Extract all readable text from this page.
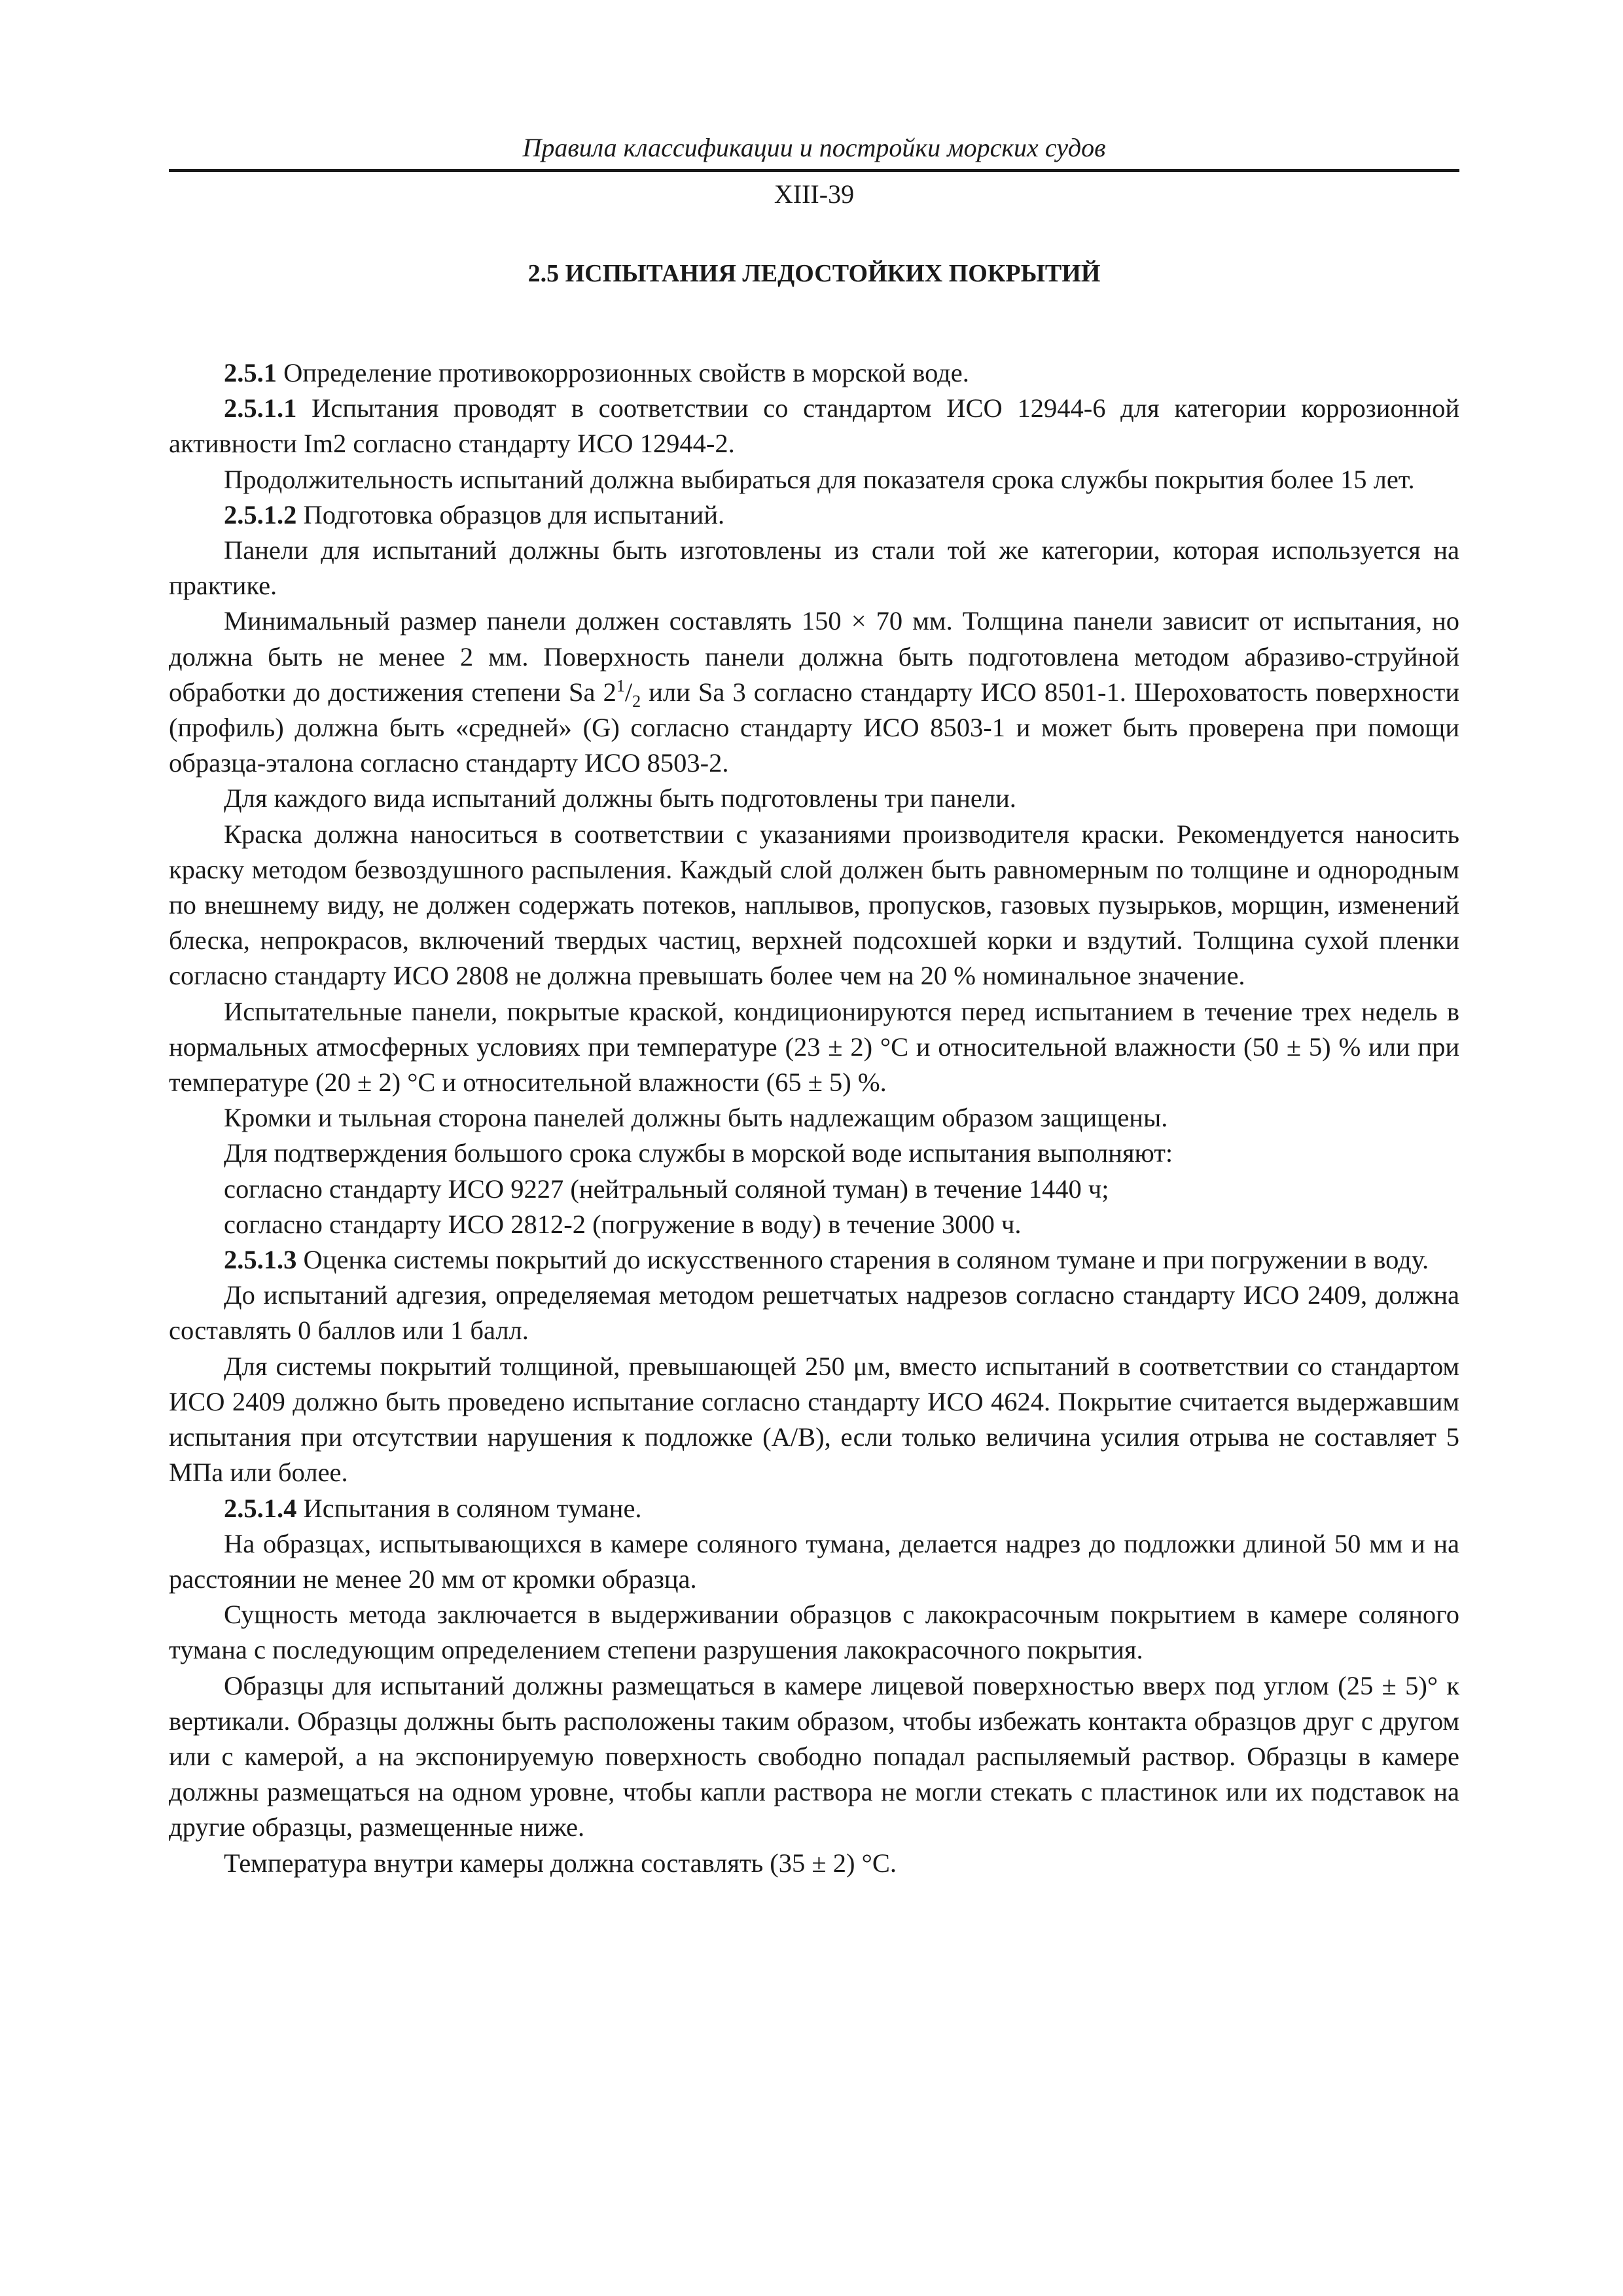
Правила классификации и постройки морских судов
XIII-39
2.5 ИСПЫТАНИЯ ЛЕДОСТОЙКИХ ПОКРЫТИЙ

2.5.1 Определение противокоррозионных свойств в морской воде.

2.5.1.1 Испытания проводят в соответствии со стандартом ИСО 12944-6 для категории коррозионной активности Im2 согласно стандарту ИСО 12944-2.

Продолжительность испытаний должна выбираться для показателя срока службы покрытия более 15 лет.

2.5.1.2 Подготовка образцов для испытаний.

Панели для испытаний должны быть изготовлены из стали той же категории, которая используется на практике.

Минимальный размер панели должен составлять 150 × 70 мм. Толщина панели зависит от испытания, но должна быть не менее 2 мм. Поверхность панели должна быть подготовлена методом абразиво-струйной обработки до достижения степени Sa $2^1/_2$ или Sa 3 согласно стандарту ИСО 8501-1. Шероховатость поверхности (профиль) должна быть «средней» (G) согласно стандарту ИСО 8503-1 и может быть проверена при помощи образца-эталона согласно стандарту ИСО 8503-2.

Для каждого вида испытаний должны быть подготовлены три панели.

Краска должна наноситься в соответствии с указаниями производителя краски. Рекомендуется наносить краску методом безвоздушного распыления. Каждый слой должен быть равномерным по толщине и однородным по внешнему виду, не должен содержать потеков, наплывов, пропусков, газовых пузырьков, морщин, изменений блеска, непрокрасов, включений твердых частиц, верхней подсохшей корки и вздутий. Толщина сухой пленки согласно стандарту ИСО 2808 не должна превышать более чем на 20 % номинальное значение.

Испытательные панели, покрытые краской, кондиционируются перед испытанием в течение трех недель в нормальных атмосферных условиях при температуре (23 ± 2) °C и относительной влажности (50 ± 5) % или при температуре (20 ± 2) °C и относительной влажности (65 ± 5) %.

Кромки и тыльная сторона панелей должны быть надлежащим образом защищены.

Для подтверждения большого срока службы в морской воде испытания выполняют:

согласно стандарту ИСО 9227 (нейтральный соляной туман) в течение 1440 ч;

согласно стандарту ИСО 2812-2 (погружение в воду) в течение 3000 ч.

2.5.1.3 Оценка системы покрытий до искусственного старения в соляном тумане и при погружении в воду.

До испытаний адгезия, определяемая методом решетчатых надрезов согласно стандарту ИСО 2409, должна составлять 0 баллов или 1 балл.

Для системы покрытий толщиной, превышающей 250 μм, вместо испытаний в соответствии со стандартом ИСО 2409 должно быть проведено испытание согласно стандарту ИСО 4624. Покрытие считается выдержавшим испытания при отсутствии нарушения к подложке (A/B), если только величина усилия отрыва не составляет 5 МПа или более.

2.5.1.4 Испытания в соляном тумане.

На образцах, испытывающихся в камере соляного тумана, делается надрез до подложки длиной 50 мм и на расстоянии не менее 20 мм от кромки образца.

Сущность метода заключается в выдерживании образцов с лакокрасочным покрытием в камере соляного тумана с последующим определением степени разрушения лакокрасочного покрытия.

Образцы для испытаний должны размещаться в камере лицевой поверхностью вверх под углом (25 ± 5)° к вертикали. Образцы должны быть расположены таким образом, чтобы избежать контакта образцов друг с другом или с камерой, а на экспонируемую поверхность свободно попадал распыляемый раствор. Образцы в камере должны размещаться на одном уровне, чтобы капли раствора не могли стекать с пластинок или их подставок на другие образцы, размещенные ниже.

Температура внутри камеры должна составлять (35 ± 2) °C.
